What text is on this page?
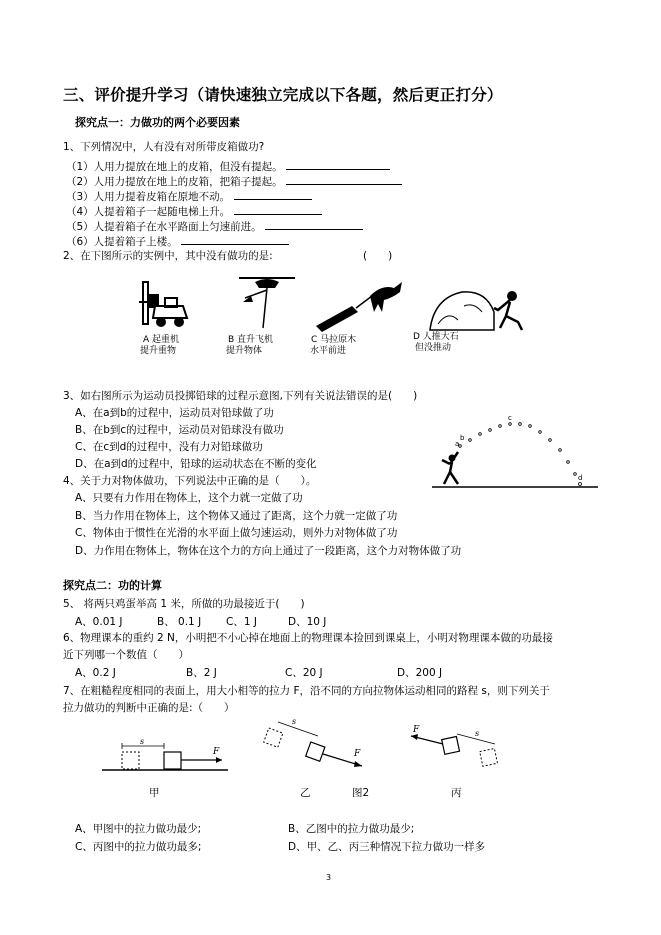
三、评价提升学习（请快速独立完成以下各题，然后更正打分）
探究点一：力做功的两个必要因素
1、下列情况中，人有没有对所带皮箱做功?
（1）人用力提放在地上的皮箱，但没有提起。
（2）人用力提放在地上的皮箱，把箱子提起。
（3）人用力提着皮箱在原地不动。
（4）人提着箱子一起随电梯上升。
（5）人提着箱子在水平路面上匀速前进。
（6）人提着箱子上楼。
2、在下图所示的实例中，其中没有做功的是:	(　　)
A 起重机
提升重物
B 直升飞机
提升物体
C 马拉原木
水平前进
D 人推大石
但没推动
3、如右图所示为运动员投掷铅球的过程示意图,下列有关说法错误的是(　　)
A、在a到b的过程中，运动员对铅球做了功
B、在b到c的过程中，运动员对铅球没有做功
C、在c到d的过程中，没有力对铅球做功
D、在a到d的过程中，铅球的运动状态在不断的变化
a
b
c
d
4、关于力对物体做功，下列说法中正确的是（　　）。
A、只要有力作用在物体上，这个力就一定做了功
B、当力作用在物体上，这个物体又通过了距离，这个力就一定做了功
C、物体由于惯性在光滑的水平面上做匀速运动，则外力对物体做了功
D、力作用在物体上，物体在这个力的方向上通过了一段距离，这个力对物体做了功
探究点二：功的计算
5、 将两只鸡蛋举高 1 米，所做的功最接近于(　　)
A、0.01 J	B、 0.1 J C、1 J	D、10 J
6、物理课本的重约 2 N，小明把不小心掉在地面上的物理课本捡回到课桌上，小明对物理课本做的功最接
近下列哪一个数值（　　）
A、0.2 J	B、2 J	C、20 J	D、200 J
7、在粗糙程度相同的表面上，用大小相等的拉力 F，沿不同的方向拉物体运动相同的路程 s，则下列关于
拉力做功的判断中正确的是:（　　）
s
F
s
F
s
F
甲	乙	图2	丙
A、甲图中的拉力做功最少;	B、乙图中的拉力做功最少;
C、丙图中的拉力做功最多;	D、甲、乙、丙三种情况下拉力做功一样多
3
